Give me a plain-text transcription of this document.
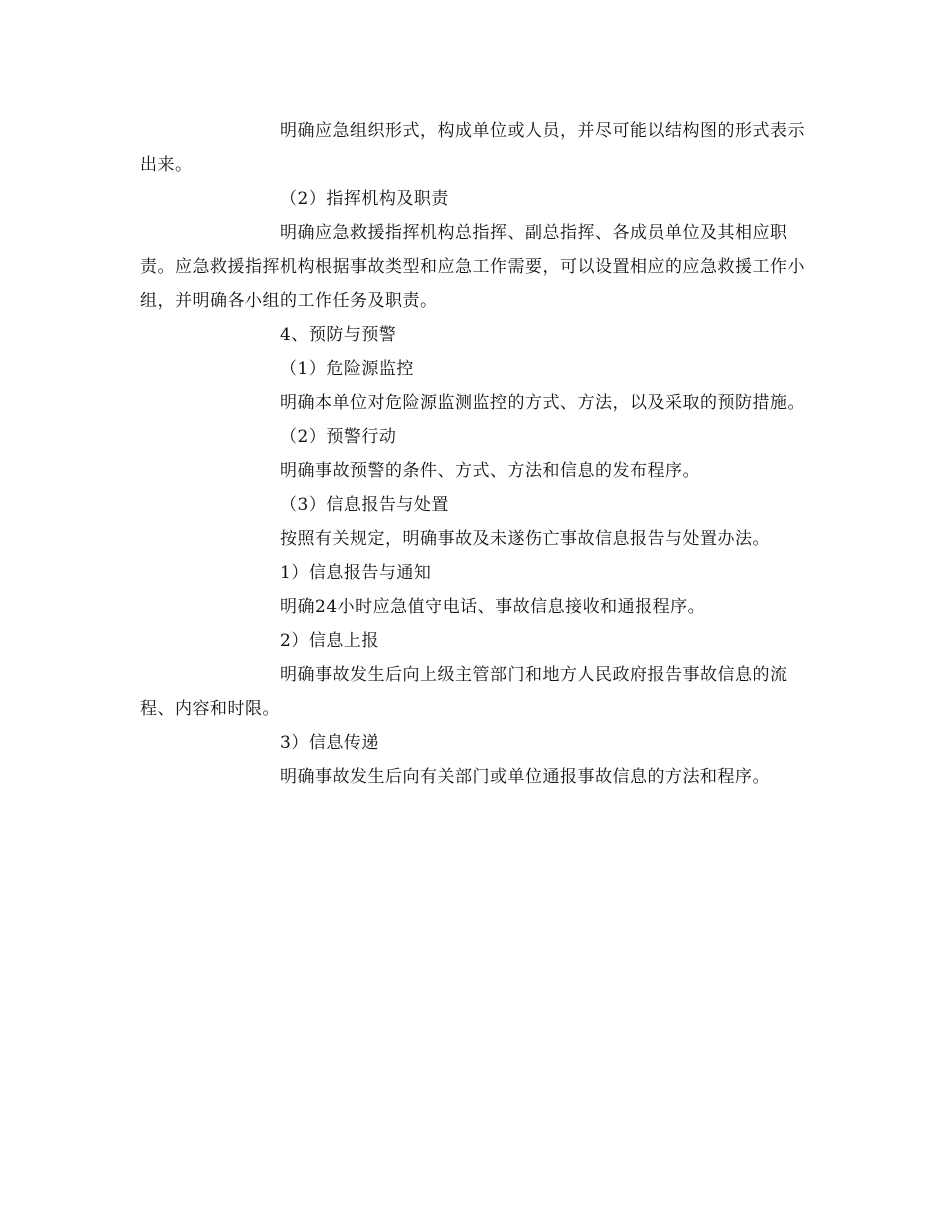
明确应急组织形式，构成单位或人员，并尽可能以结构图的形式表示出来。

（2）指挥机构及职责

明确应急救援指挥机构总指挥、副总指挥、各成员单位及其相应职责。应急救援指挥机构根据事故类型和应急工作需要，可以设置相应的应急救援工作小组，并明确各小组的工作任务及职责。

4、预防与预警

（1）危险源监控

明确本单位对危险源监测监控的方式、方法，以及采取的预防措施。

（2）预警行动

明确事故预警的条件、方式、方法和信息的发布程序。

（3）信息报告与处置

按照有关规定，明确事故及未遂伤亡事故信息报告与处置办法。

1）信息报告与通知

明确24小时应急值守电话、事故信息接收和通报程序。

2）信息上报

明确事故发生后向上级主管部门和地方人民政府报告事故信息的流程、内容和时限。

3）信息传递

明确事故发生后向有关部门或单位通报事故信息的方法和程序。
